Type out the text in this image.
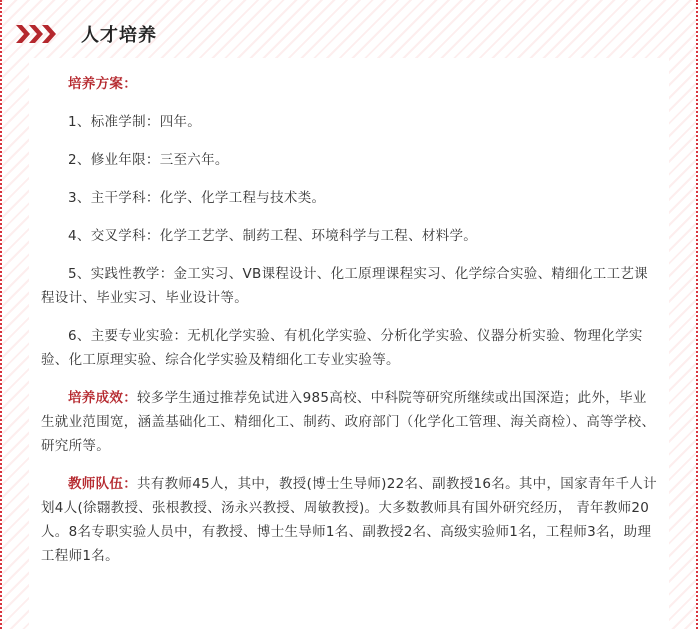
人才培养

培养方案：

1、标准学制：四年。

2、修业年限：三至六年。

3、主干学科：化学、化学工程与技术类。

4、交叉学科：化学工艺学、制药工程、环境科学与工程、材料学。

5、实践性教学：金工实习、VB课程设计、化工原理课程实习、化学综合实验、精细化工工艺课程设计、毕业实习、毕业设计等。

6、主要专业实验：无机化学实验、有机化学实验、分析化学实验、仪器分析实验、物理化学实验、化工原理实验、综合化学实验及精细化工专业实验等。

培养成效：较多学生通过推荐免试进入985高校、中科院等研究所继续或出国深造；此外，毕业生就业范围宽，涵盖基础化工、精细化工、制药、政府部门（化学化工管理、海关商检）、高等学校、研究所等。

教师队伍：共有教师45人，其中，教授(博士生导师)22名、副教授16名。其中，国家青年千人计划4人(徐翾教授、张根教授、汤永兴教授、周敏教授)。大多数教师具有国外研究经历， 青年教师20人。8名专职实验人员中，有教授、博士生导师1名、副教授2名、高级实验师1名，工程师3名，助理工程师1名。
